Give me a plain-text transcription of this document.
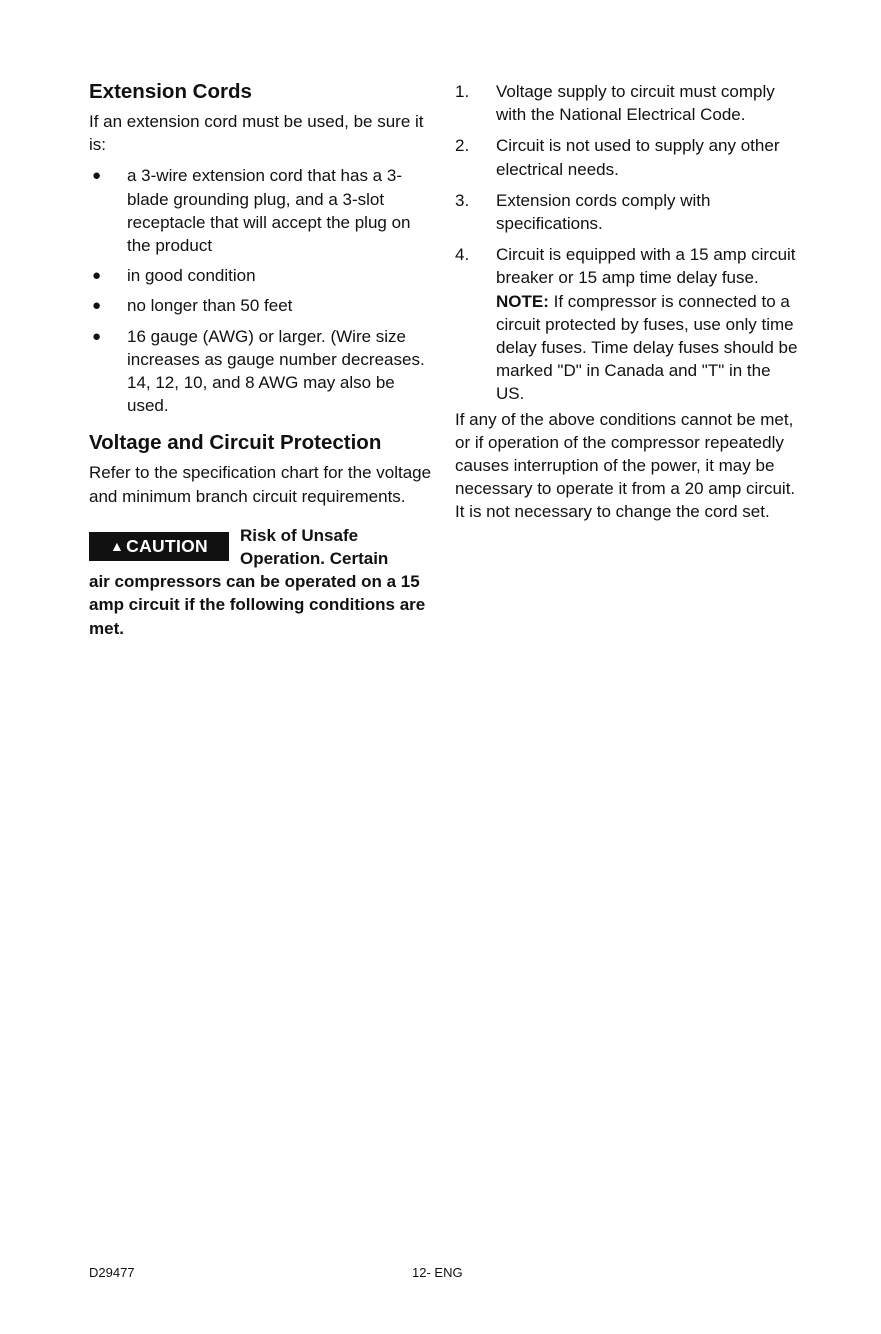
Extension Cords

If an extension cord must be used, be sure it is:

● a 3-wire extension cord that has a 3-blade grounding plug, and a 3-slot receptacle that will accept the plug on the product
● in good condition
● no longer than 50 feet
● 16 gauge (AWG) or larger. (Wire size increases as gauge number decreases. 14, 12, 10, and 8 AWG may also be used.
Voltage and Circuit Protection

Refer to the specification chart for the voltage and minimum branch circuit requirements.

▲ CAUTION
Risk of Unsafe Operation. Certain
air compressors can be operated on a 15 amp circuit if the following conditions are met.
1. Voltage supply to circuit must comply with the National Electrical Code.
2. Circuit is not used to supply any other electrical needs.
3. Extension cords comply with specifications.
4. Circuit is equipped with a 15 amp circuit breaker or 15 amp time delay fuse. NOTE: If compressor is connected to a circuit protected by fuses, use only time delay fuses. Time delay fuses should be marked "D" in Canada and "T" in the US.

If any of the above conditions cannot be met, or if operation of the compressor repeatedly causes interruption of the power, it may be necessary to operate it from a 20 amp circuit. It is not necessary to change the cord set.

D29477	12- ENG
